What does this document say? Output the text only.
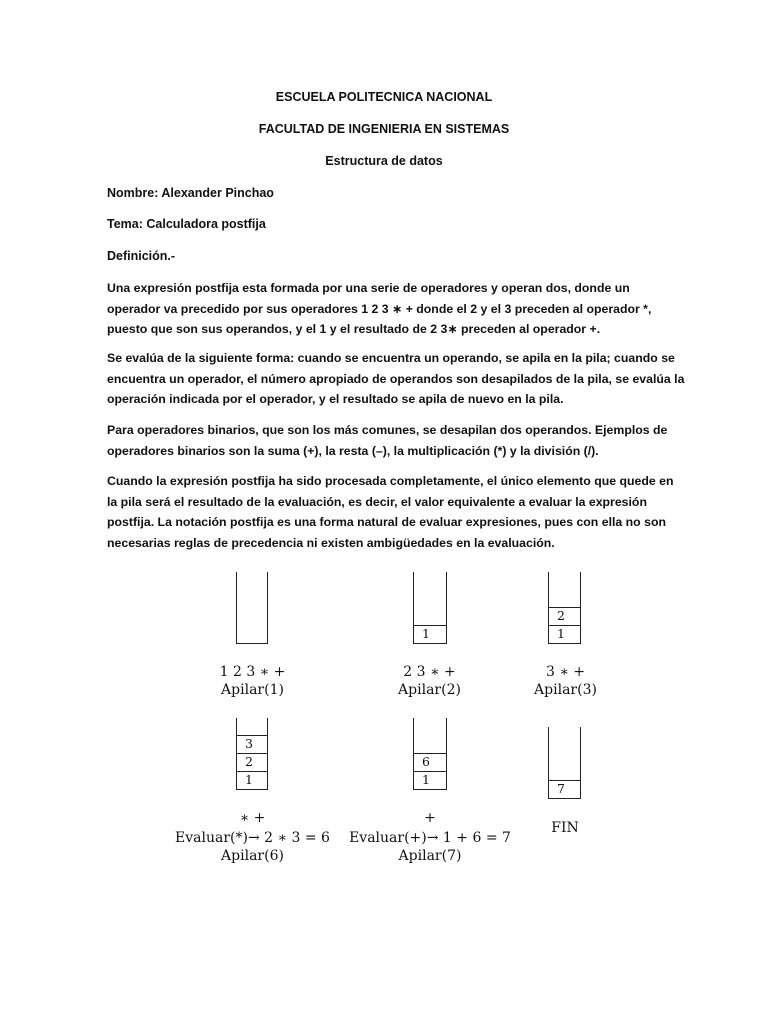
ESCUELA POLITECNICA NACIONAL
FACULTAD DE INGENIERIA EN SISTEMAS
Estructura de datos
Nombre: Alexander Pinchao
Tema: Calculadora postfija
Definición.-
Una expresión postfija esta formada por una serie de operadores y operan dos, donde un
operador va precedido por sus operadores 1 2 3 ∗ + donde el 2 y el 3 preceden al operador *,
puesto que son sus operandos, y el 1 y el resultado de 2 3∗ preceden al operador +.
Se evalúa de la siguiente forma: cuando se encuentra un operando, se apila en la pila; cuando se
encuentra un operador, el número apropiado de operandos son desapilados de la pila, se evalúa la
operación indicada por el operador, y el resultado se apila de nuevo en la pila.
Para operadores binarios, que son los más comunes, se desapilan dos operandos. Ejemplos de
operadores binarios son la suma (+), la resta (–), la multiplicación (*) y la división (/).
Cuando la expresión postfija ha sido procesada completamente, el único elemento que quede en
la pila será el resultado de la evaluación, es decir, el valor equivalente a evaluar la expresión
postfija. La notación postfija es una forma natural de evaluar expresiones, pues con ella no son
necesarias reglas de precedencia ni existen ambigüedades en la evaluación.
1 2 3 ∗ +
Apilar(1)
1
2 3 ∗ +
Apilar(2)
1
2
3 ∗ +
Apilar(3)
1
2
3
∗ +
Evaluar(*)→ 2 ∗ 3 = 6
Apilar(6)
1
6
+
Evaluar(+)→ 1 + 6 = 7
Apilar(7)
7
FIN
